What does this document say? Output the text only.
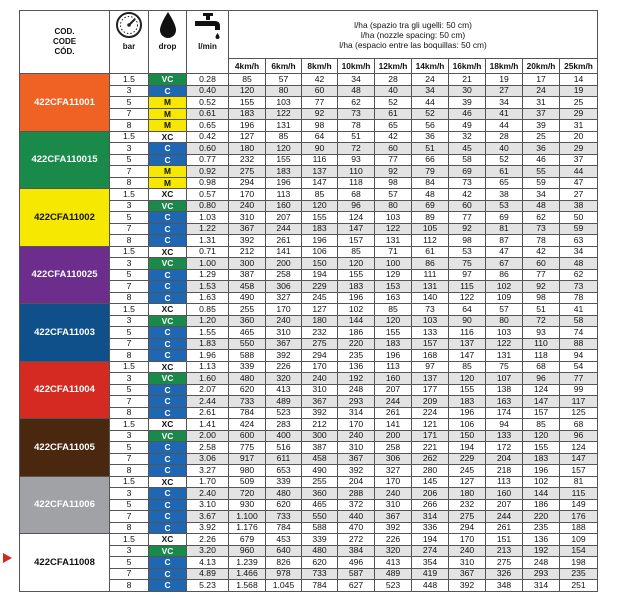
COD.
CODE
CÓD.	bar	drop	l/min	l/ha (spazio tra gli ugelli: 50 cm)
l/ha (nozzle spacing: 50 cm)
l/ha (espacio entre las boquillas: 50 cm)									
				4km/h	6km/h	8km/h	10km/h	12km/h	14km/h	16km/h	18km/h	20km/h	25km/h
422CFA11001	1.5	VC	0.28	85	57	42	34	28	24	21	19	17	14
	3	C	0.40	120	80	60	48	40	34	30	27	24	19
	5	M	0.52	155	103	77	62	52	44	39	34	31	25
	7	M	0.61	183	122	92	73	61	52	46	41	37	29
	8	M	0.65	196	131	98	78	65	56	49	44	39	31
422CFA110015	1.5	XC	0.42	127	85	64	51	42	36	32	28	25	20
	3	C	0.60	180	120	90	72	60	51	45	40	36	29
	5	C	0.77	232	155	116	93	77	66	58	52	46	37
	7	M	0.92	275	183	137	110	92	79	69	61	55	44
	8	M	0.98	294	196	147	118	98	84	73	65	59	47
422CFA11002	1.5	XC	0.57	170	113	85	68	57	48	42	38	34	27
	3	VC	0.80	240	160	120	96	80	69	60	53	48	38
	5	C	1.03	310	207	155	124	103	89	77	69	62	50
	7	C	1.22	367	244	183	147	122	105	92	81	73	59
	8	C	1.31	392	261	196	157	131	112	98	87	78	63
422CFA110025	1.5	XC	0.71	212	141	106	85	71	61	53	47	42	34
	3	VC	1.00	300	200	150	120	100	86	75	67	60	48
	5	C	1.29	387	258	194	155	129	111	97	86	77	62
	7	C	1.53	458	306	229	183	153	131	115	102	92	73
	8	C	1.63	490	327	245	196	163	140	122	109	98	78
422CFA11003	1.5	XC	0.85	255	170	127	102	85	73	64	57	51	41
	3	VC	1.20	360	240	180	144	120	103	90	80	72	58
	5	C	1.55	465	310	232	186	155	133	116	103	93	74
	7	C	1.83	550	367	275	220	183	157	137	122	110	88
	8	C	1.96	588	392	294	235	196	168	147	131	118	94
422CFA11004	1.5	XC	1.13	339	226	170	136	113	97	85	75	68	54
	3	VC	1.60	480	320	240	192	160	137	120	107	96	77
	5	C	2.07	620	413	310	248	207	177	155	138	124	99
	7	C	2.44	733	489	367	293	244	209	183	163	147	117
	8	C	2.61	784	523	392	314	261	224	196	174	157	125
422CFA11005	1.5	XC	1.41	424	283	212	170	141	121	106	94	85	68
	3	VC	2.00	600	400	300	240	200	171	150	133	120	96
	5	C	2.58	775	516	387	310	258	221	194	172	155	124
	7	C	3.06	917	611	458	367	306	262	229	204	183	147
	8	C	3.27	980	653	490	392	327	280	245	218	196	157
422CFA11006	1.5	XC	1.70	509	339	255	204	170	145	127	113	102	81
	3	C	2.40	720	480	360	288	240	206	180	160	144	115
	5	C	3.10	930	620	465	372	310	266	232	207	186	149
	7	C	3.67	1.100	733	550	440	367	314	275	244	220	176
	8	C	3.92	1.176	784	588	470	392	336	294	261	235	188
422CFA11008	1.5	XC	2.26	679	453	339	272	226	194	170	151	136	109
	3	VC	3.20	960	640	480	384	320	274	240	213	192	154
	5	C	4.13	1.239	826	620	496	413	354	310	275	248	198
	7	C	4.89	1.466	978	733	587	489	419	367	326	293	235
	8	C	5.23	1.568	1.045	784	627	523	448	392	348	314	251
